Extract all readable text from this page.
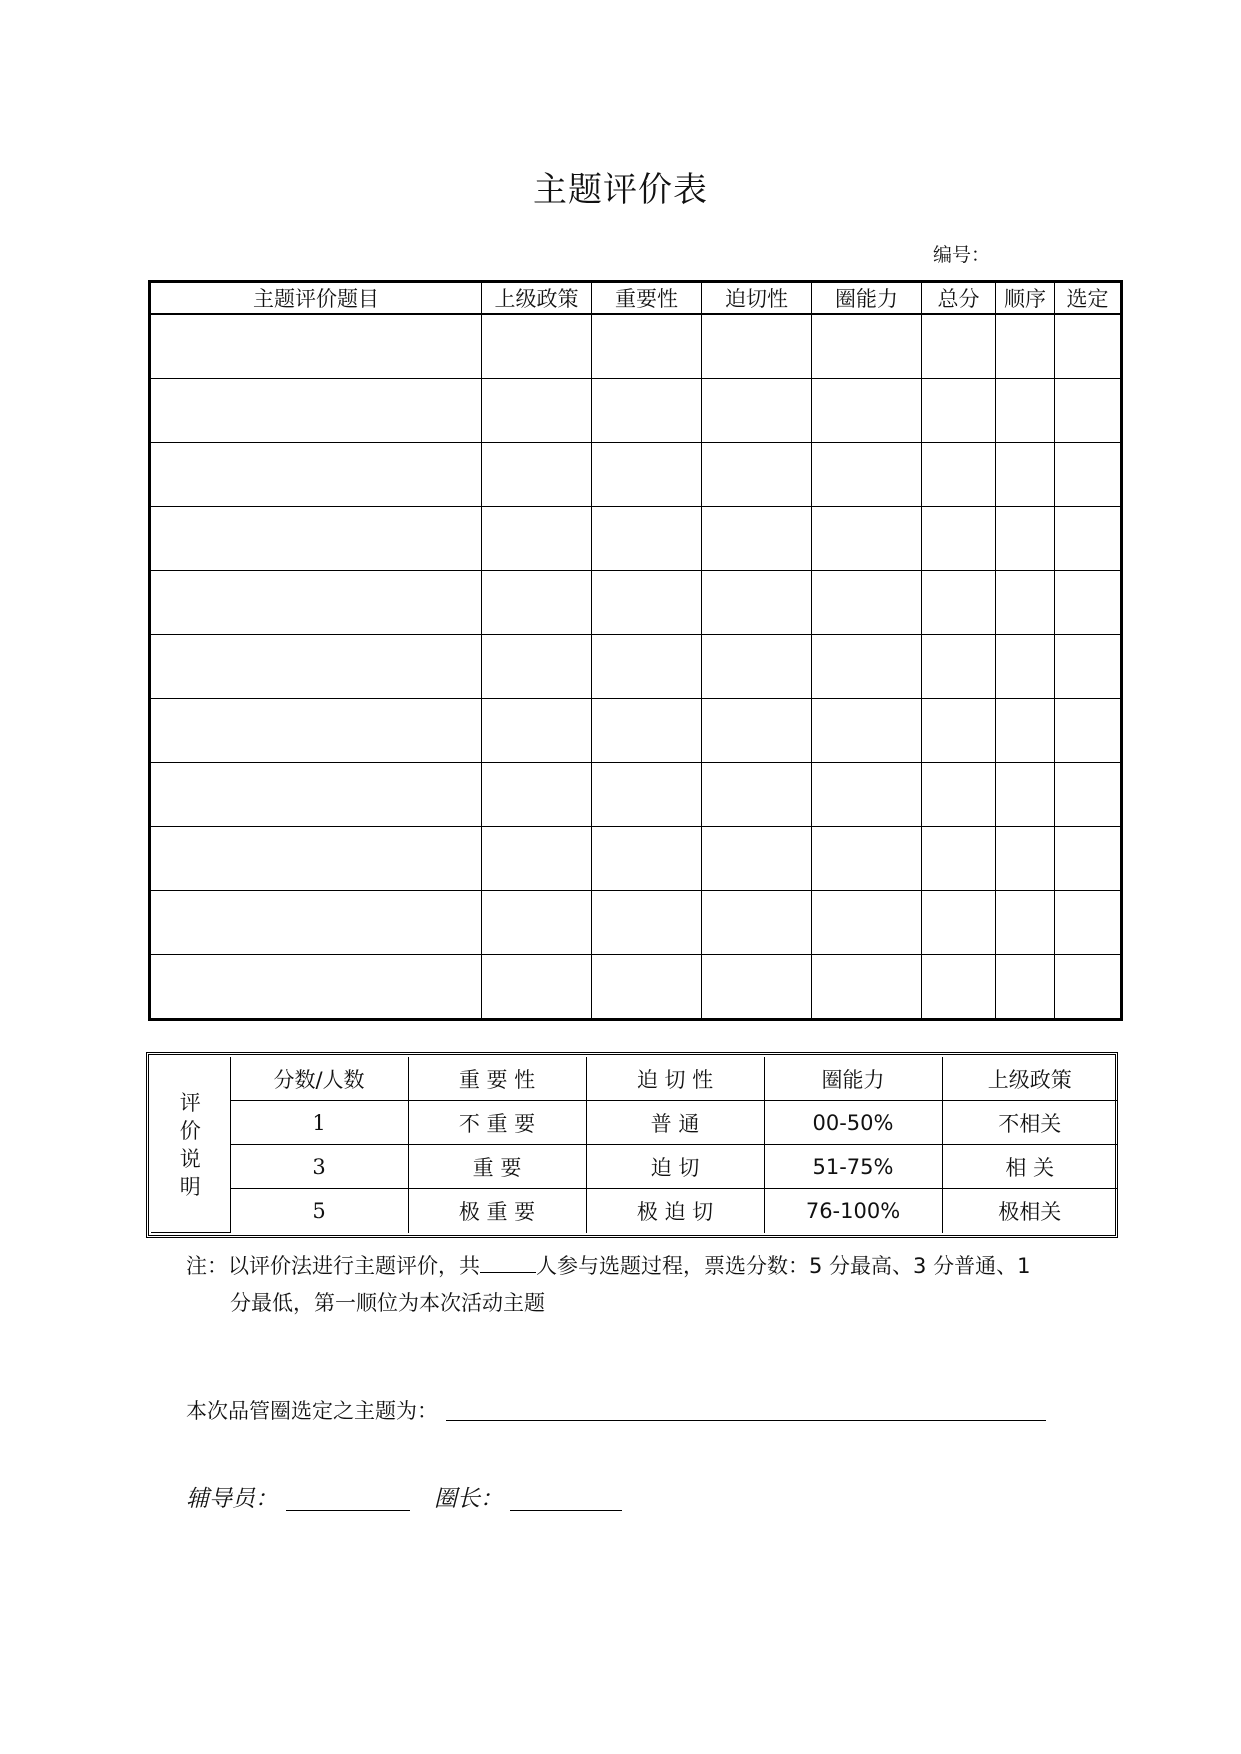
主题评价表
编号：
主题评价题目	上级政策	重要性	迫切性	圈能力	总分	顺序	选定

评
价
说
明	分数/人数	重 要 性	迫 切 性	圈能力	上级政策
	1	不 重 要	普 通	00-50%	不相关
	3	重 要	迫 切	51-75%	相 关
	5	极 重 要	极 迫 切	76-100%	极相关
注：以评价法进行主题评价，共	人参与选题过程，票选分数：5 分最高、3 分普通、1
分最低，第一顺位为本次活动主题
本次品管圈选定之主题为：
辅导员：	圈长：
